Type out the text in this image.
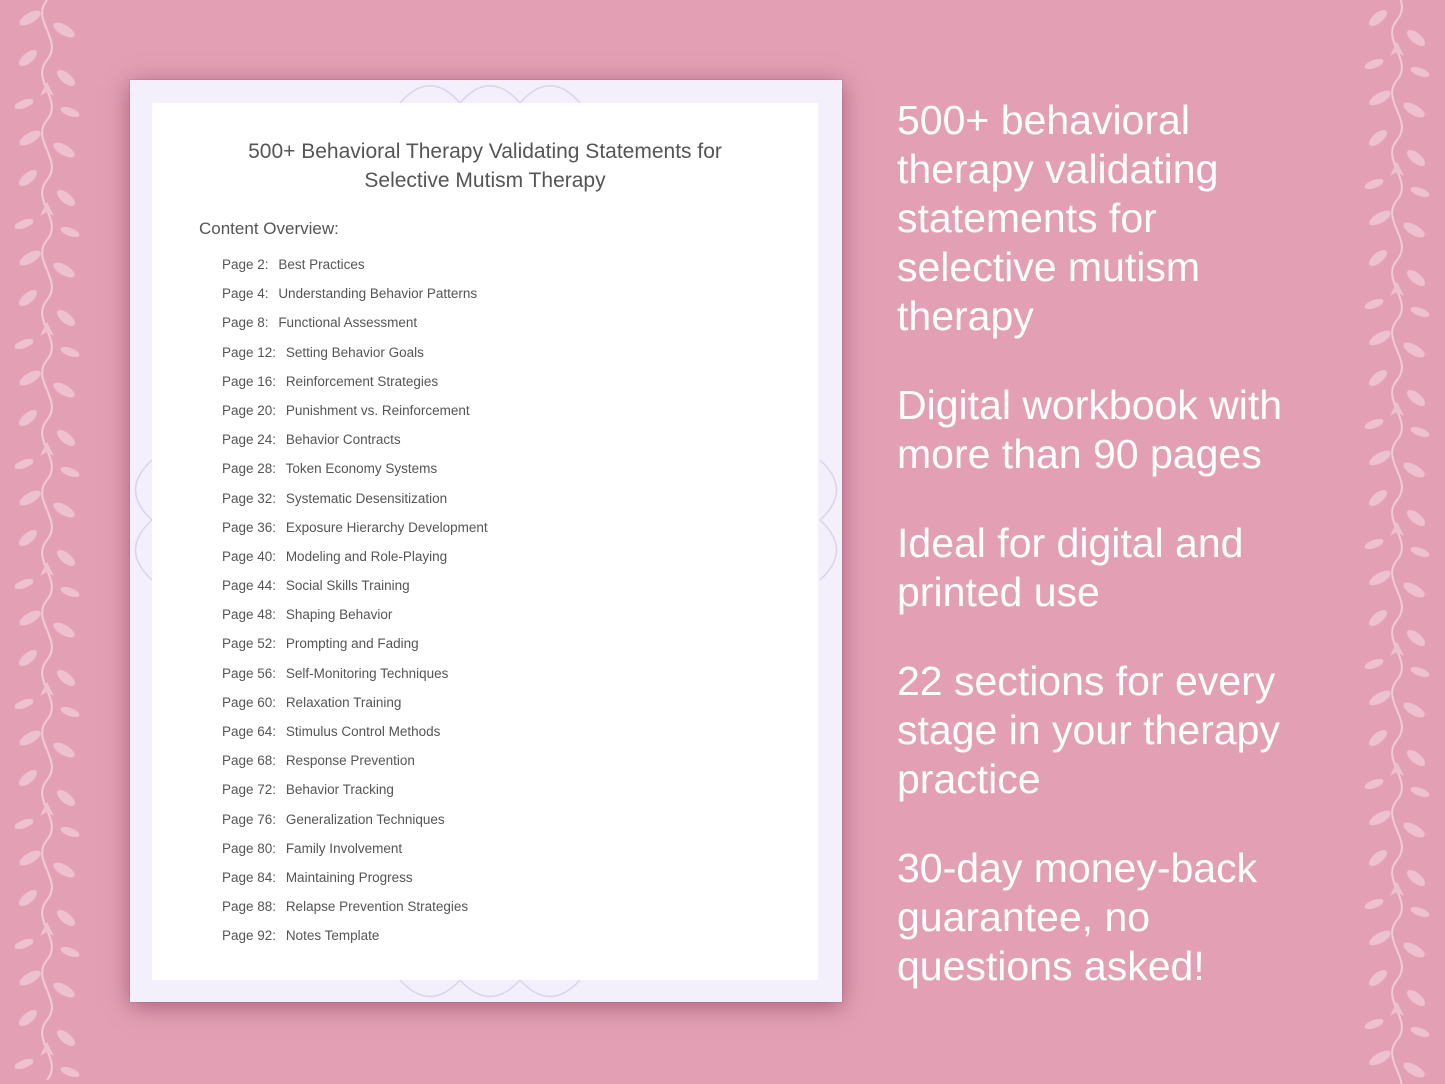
500+ Behavioral Therapy Validating Statements for
Selective Mutism Therapy
Content Overview:
Page 2: Best Practices
Page 4: Understanding Behavior Patterns
Page 8: Functional Assessment
Page 12: Setting Behavior Goals
Page 16: Reinforcement Strategies
Page 20: Punishment vs. Reinforcement
Page 24: Behavior Contracts
Page 28: Token Economy Systems
Page 32: Systematic Desensitization
Page 36: Exposure Hierarchy Development
Page 40: Modeling and Role-Playing
Page 44: Social Skills Training
Page 48: Shaping Behavior
Page 52: Prompting and Fading
Page 56: Self-Monitoring Techniques
Page 60: Relaxation Training
Page 64: Stimulus Control Methods
Page 68: Response Prevention
Page 72: Behavior Tracking
Page 76: Generalization Techniques
Page 80: Family Involvement
Page 84: Maintaining Progress
Page 88: Relapse Prevention Strategies
Page 92: Notes Template
500+ behavioral
therapy validating
statements for
selective mutism
therapy
Digital workbook with
more than 90 pages
Ideal for digital and
printed use
22 sections for every
stage in your therapy
practice
30-day money-back
guarantee, no
questions asked!
